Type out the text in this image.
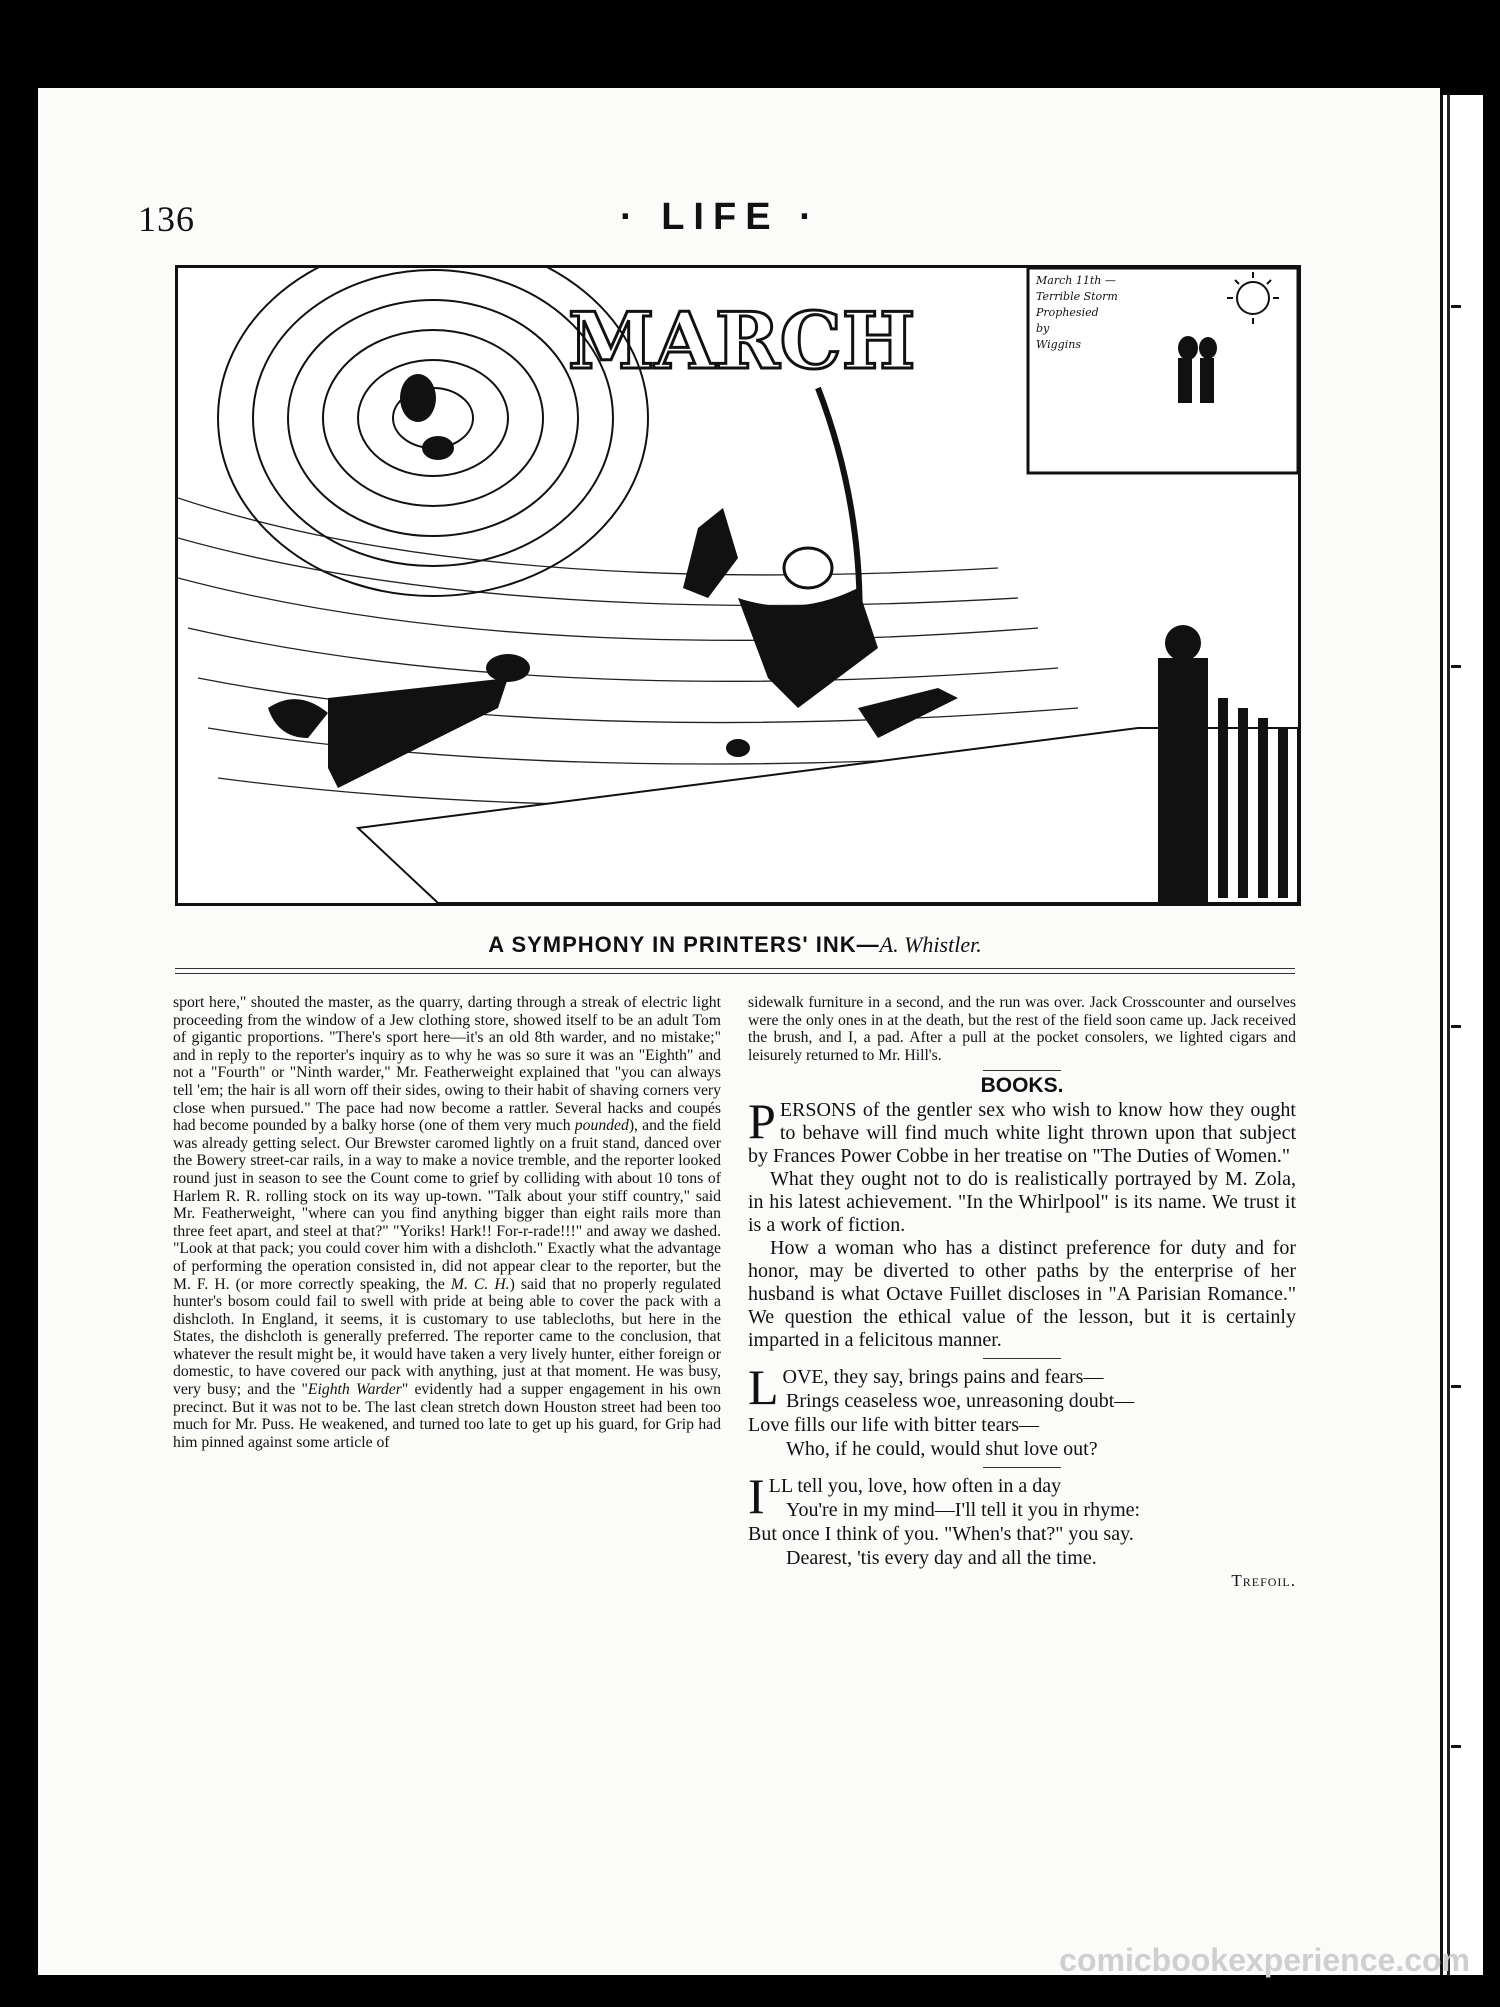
136	· LIFE ·
MARCH
March 11th —
Terrible Storm
Prophesied
by
Wiggins
A SYMPHONY IN PRINTERS' INK—A. Whistler.
sport here," shouted the master, as the quarry, darting through a streak of electric light proceeding from the window of a Jew clothing store, showed itself to be an adult Tom of gigantic proportions. "There's sport here—it's an old 8th warder, and no mistake;" and in reply to the reporter's inquiry as to why he was so sure it was an "Eighth" and not a "Fourth" or "Ninth warder," Mr. Featherweight explained that "you can always tell 'em; the hair is all worn off their sides, owing to their habit of shaving corners very close when pursued." The pace had now become a rattler. Several hacks and coupés had become pounded by a balky horse (one of them very much pounded), and the field was already getting select. Our Brewster caromed lightly on a fruit stand, danced over the Bowery street-car rails, in a way to make a novice tremble, and the reporter looked round just in season to see the Count come to grief by colliding with about 10 tons of Harlem R. R. rolling stock on its way up-town. "Talk about your stiff country," said Mr. Featherweight, "where can you find anything bigger than eight rails more than three feet apart, and steel at that?" "Yoriks! Hark!! For-r-rade!!!" and away we dashed. "Look at that pack; you could cover him with a dishcloth." Exactly what the advantage of performing the operation consisted in, did not appear clear to the reporter, but the M. F. H. (or more correctly speaking, the M. C. H.) said that no properly regulated hunter's bosom could fail to swell with pride at being able to cover the pack with a dishcloth. In England, it seems, it is customary to use tablecloths, but here in the States, the dishcloth is generally preferred. The reporter came to the conclusion, that whatever the result might be, it would have taken a very lively hunter, either foreign or domestic, to have covered our pack with anything, just at that moment. He was busy, very busy; and the "Eighth Warder" evidently had a supper engagement in his own precinct. But it was not to be. The last clean stretch down Houston street had been too much for Mr. Puss. He weakened, and turned too late to get up his guard, for Grip had him pinned against some article of

sidewalk furniture in a second, and the run was over. Jack Crosscounter and ourselves were the only ones in at the death, but the rest of the field soon came up. Jack received the brush, and I, a pad. After a pull at the pocket consolers, we lighted cigars and leisurely returned to Mr. Hill's.

BOOKS.

PERSONS of the gentler sex who wish to know how they ought to behave will find much white light thrown upon that subject by Frances Power Cobbe in her treatise on "The Duties of Women."

What they ought not to do is realistically portrayed by M. Zola, in his latest achievement. "In the Whirlpool" is its name. We trust it is a work of fiction.

How a woman who has a distinct preference for duty and for honor, may be diverted to other paths by the enterprise of her husband is what Octave Fuillet discloses in "A Parisian Romance." We question the ethical value of the lesson, but it is certainly imparted in a felicitous manner.

LOVE, they say, brings pains and fears—
Brings ceaseless woe, unreasoning doubt—
Love fills our life with bitter tears—
Who, if he could, would shut love out?
ILL tell you, love, how often in a day
You're in my mind—I'll tell it you in rhyme:
But once I think of you. "When's that?" you say.
Dearest, 'tis every day and all the time.
Trefoil.
comicbookexperience.com
